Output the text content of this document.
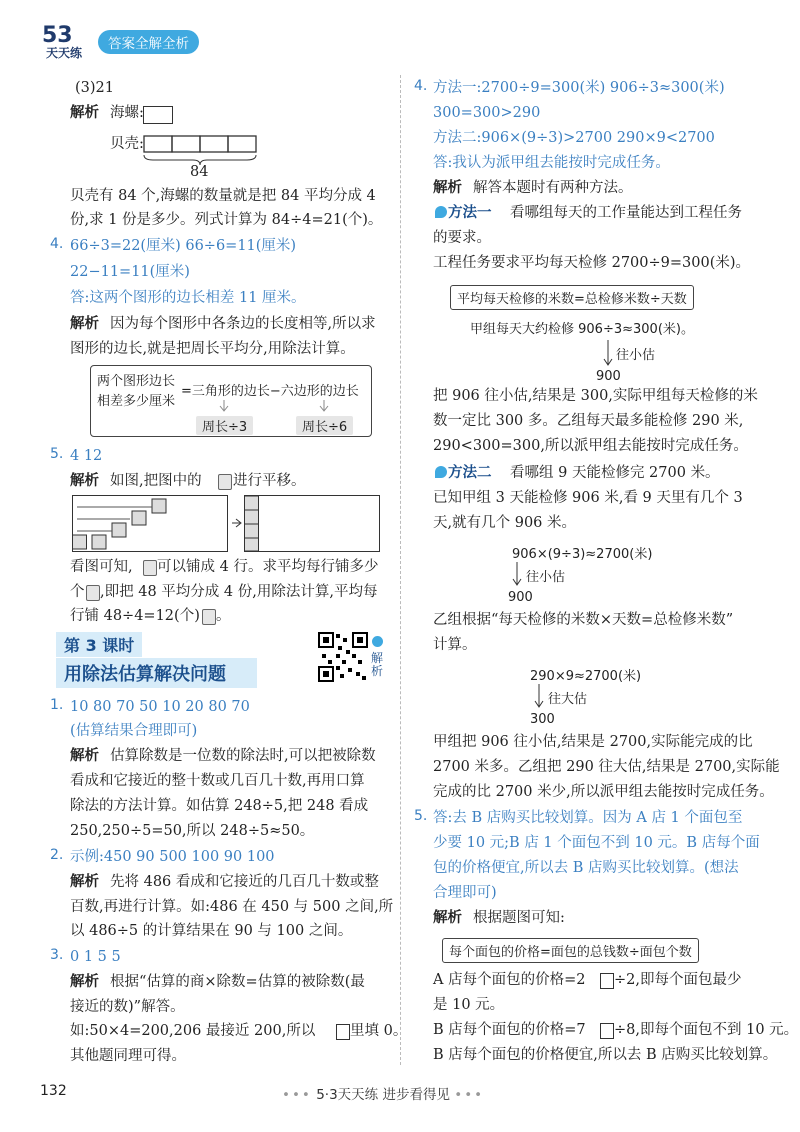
53
天天练
答案全解全析
(3)21
解析 海螺:
贝壳:
84
贝壳有 84 个,海螺的数量就是把 84 平均分成 4
份,求 1 份是多少。列式计算为 84÷4=21(个)。
4. 66÷3=22(厘米) 66÷6=11(厘米)
22−11=11(厘米)
答:这两个图形的边长相差 11 厘米。
解析 因为每个图形中各条边的长度相等,所以求
图形的边长,就是把周长平均分,用除法计算。
两个图形边长
相差多少厘米
=三角形的边长−六边形的边长
周长÷3	周长÷6
5. 4 12
解析 如图,把图中的 进行平移。
看图可知, 可以铺成 4 行。求平均每行铺多少
个 ,即把 48 平均分成 4 份,用除法计算,平均每
行铺 48÷4=12(个) 。
第 3 课时
用除法估算解决问题
解析
1. 10 80 70 50 10 20 80 70
(估算结果合理即可)
解析 估算除数是一位数的除法时,可以把被除数
看成和它接近的整十数或几百几十数,再用口算
除法的方法计算。如估算 248÷5,把 248 看成
250,250÷5=50,所以 248÷5≈50。
2. 示例:450 90 500 100 90 100
解析 先将 486 看成和它接近的几百几十数或整
百数,再进行计算。如:486 在 450 与 500 之间,所
以 486÷5 的计算结果在 90 与 100 之间。
3. 0 1 5 5
解析 根据“估算的商×除数=估算的被除数(最
接近的数)”解答。
如:50×4=200,206 最接近 200,所以 里填 0。
其他题同理可得。
4. 方法一:2700÷9=300(米) 906÷3≈300(米)
300=300>290
方法二:906×(9÷3)>2700 290×9<2700
答:我认为派甲组去能按时完成任务。
解析 解答本题时有两种方法。
方法一 看哪组每天的工作量能达到工程任务
的要求。
工程任务要求平均每天检修 2700÷9=300(米)。
平均每天检修的米数=总检修米数÷天数
甲组每天大约检修 906÷3≈300(米)。
往小估
900
把 906 往小估,结果是 300,实际甲组每天检修的米
数一定比 300 多。乙组每天最多能检修 290 米,
290<300=300,所以派甲组去能按时完成任务。
方法二 看哪组 9 天能检修完 2700 米。
已知甲组 3 天能检修 906 米,看 9 天里有几个 3
天,就有几个 906 米。
906×(9÷3)≈2700(米)
往小估
900
乙组根据“每天检修的米数×天数=总检修米数”
计算。
290×9≈2700(米)
往大估
300
甲组把 906 往小估,结果是 2700,实际能完成的比
2700 米多。乙组把 290 往大估,结果是 2700,实际能
完成的比 2700 米少,所以派甲组去能按时完成任务。
5. 答:去 B 店购买比较划算。因为 A 店 1 个面包至
少要 10 元;B 店 1 个面包不到 10 元。B 店每个面
包的价格便宜,所以去 B 店购买比较划算。(想法
合理即可)
解析 根据题图可知:
每个面包的价格=面包的总钱数÷面包个数
A 店每个面包的价格=2 ÷2,即每个面包最少
是 10 元。
B 店每个面包的价格=7 ÷8,即每个面包不到 10 元。
B 店每个面包的价格便宜,所以去 B 店购买比较划算。
132	••• 5·3天天练 进步看得见 •••
